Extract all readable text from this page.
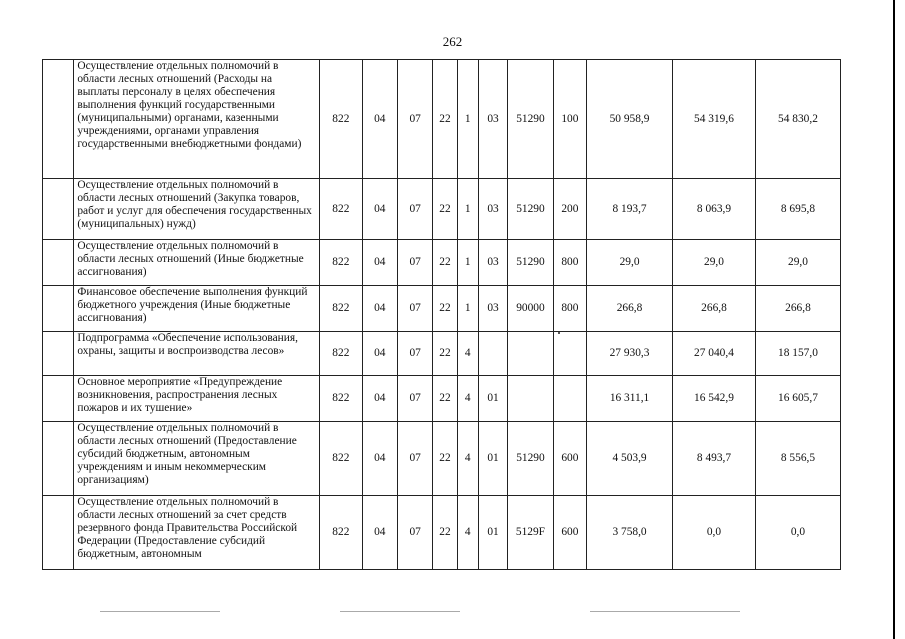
262
	Осуществление отдельных полномочий в области лесных отношений (Расходы на выплаты персоналу в целях обеспечения выполнения функций государственными (муниципальными) органами, казенными учреждениями, органами управления государственными внебюджетными фондами)	822	04	07	22	1	03	51290	100	50 958,9	54 319,6	54 830,2
	Осуществление отдельных полномочий в области лесных отношений (Закупка товаров, работ и услуг для обеспечения государственных (муниципальных) нужд)	822	04	07	22	1	03	51290	200	8 193,7	8 063,9	8 695,8
	Осуществление отдельных полномочий в области лесных отношений (Иные бюджетные ассигнования)	822	04	07	22	1	03	51290	800	29,0	29,0	29,0
	Финансовое обеспечение выполнения функций бюджетного учреждения (Иные бюджетные ассигнования)	822	04	07	22	1	03	90000	800	266,8	266,8	266,8
	Подпрограмма «Обеспечение использования, охраны, защиты и воспроизводства лесов»	822	04	07	22	4				27 930,3	27 040,4	18 157,0
	Основное мероприятие «Предупреждение возникновения, распространения лесных пожаров и их тушение»	822	04	07	22	4	01			16 311,1	16 542,9	16 605,7
	Осуществление отдельных полномочий в области лесных отношений (Предоставление субсидий бюджетным, автономным учреждениям и иным некоммерческим организациям)	822	04	07	22	4	01	51290	600	4 503,9	8 493,7	8 556,5
	Осуществление отдельных полномочий в области лесных отношений за счет средств резервного фонда Правительства Российской Федерации (Предоставление субсидий бюджетным, автономным	822	04	07	22	4	01	5129F	600	3 758,0	0,0	0,0
